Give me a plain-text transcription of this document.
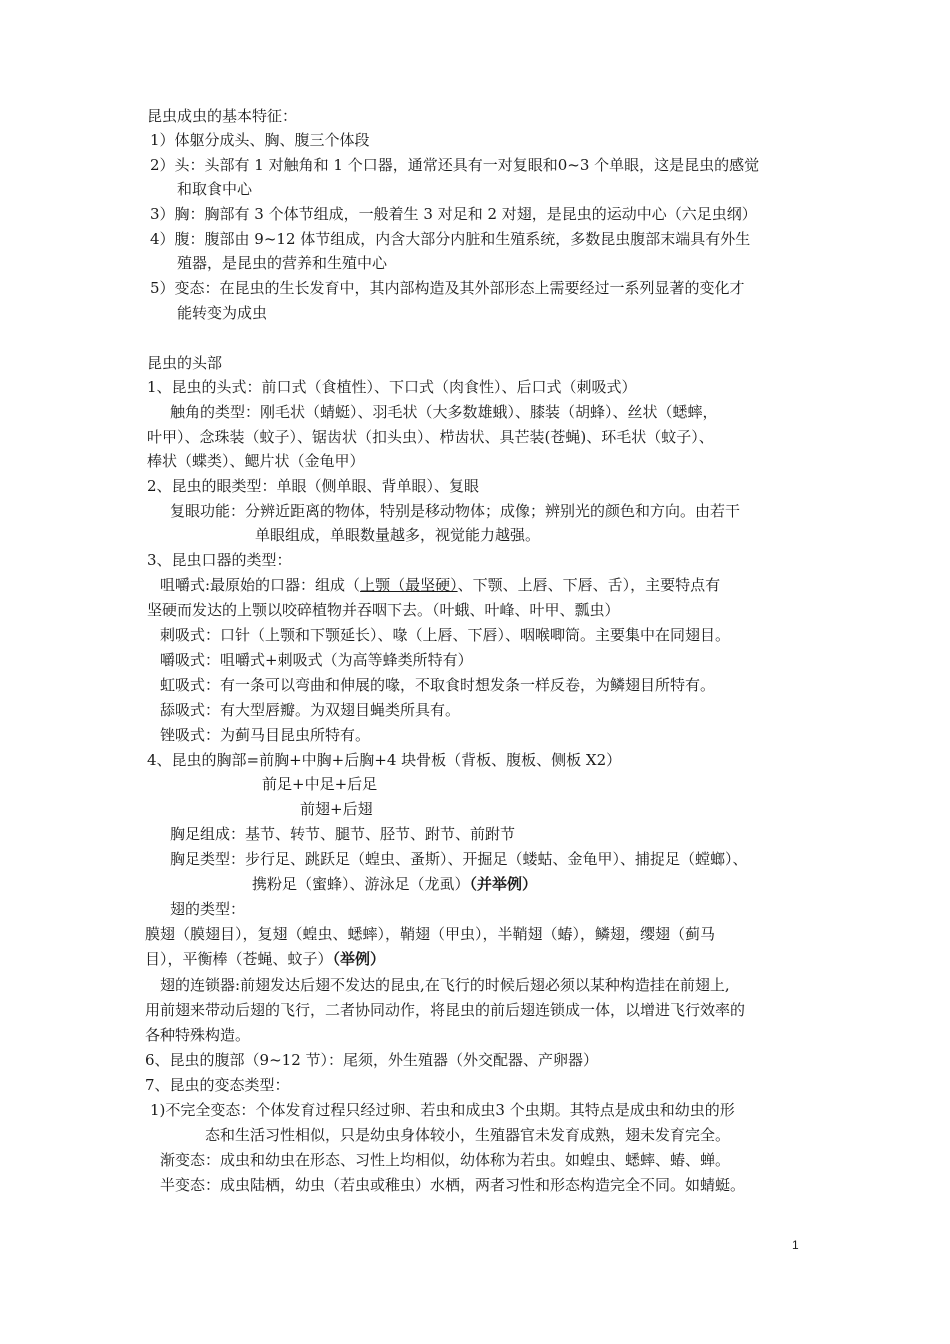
昆虫成虫的基本特征：
1）体躯分成头、胸、腹三个体段
2）头：头部有 1 对触角和 1 个口器，通常还具有一对复眼和0~3 个单眼，这是昆虫的感觉
和取食中心
3）胸：胸部有 3 个体节组成，一般着生 3 对足和 2 对翅，是昆虫的运动中心（六足虫纲）
4）腹：腹部由 9~12 体节组成，内含大部分内脏和生殖系统，多数昆虫腹部末端具有外生
殖器，是昆虫的营养和生殖中心
5）变态：在昆虫的生长发育中，其内部构造及其外部形态上需要经过一系列显著的变化才
能转变为成虫
昆虫的头部
1、昆虫的头式：前口式（食植性）、下口式（肉食性）、后口式（刺吸式）
触角的类型：刚毛状（蜻蜓）、羽毛状（大多数雄蛾）、膝装（胡蜂）、丝状（蟋蟀，
叶甲）、念珠装（蚊子）、锯齿状（扣头虫）、栉齿状、具芒装(苍蝇)、环毛状（蚊子）、
棒状（蝶类）、鳃片状（金龟甲）
2、昆虫的眼类型：单眼（侧单眼、背单眼）、复眼
复眼功能：分辨近距离的物体，特别是移动物体；成像；辨别光的颜色和方向。由若干
单眼组成，单眼数量越多，视觉能力越强。
3、昆虫口器的类型：
咀嚼式:最原始的口器：组成（上颚（最坚硬）、下颚、上唇、下唇、舌），主要特点有
坚硬而发达的上颚以咬碎植物并吞咽下去。（叶蛾、叶峰、叶甲、瓢虫）
刺吸式：口针（上颚和下颚延长）、喙（上唇、下唇）、咽喉唧筒。主要集中在同翅目。
嚼吸式：咀嚼式+刺吸式（为高等蜂类所特有）
虹吸式：有一条可以弯曲和伸展的喙，不取食时想发条一样反卷，为鳞翅目所特有。
舔吸式：有大型唇瓣。为双翅目蝇类所具有。
锉吸式：为蓟马目昆虫所特有。
4、昆虫的胸部=前胸+中胸+后胸+4 块骨板（背板、腹板、侧板 X2）
前足+中足+后足
前翅+后翅
胸足组成：基节、转节、腿节、胫节、跗节、前跗节
胸足类型：步行足、跳跃足（蝗虫、蚤斯）、开掘足（蝼蛄、金龟甲）、捕捉足（螳螂）、
携粉足（蜜蜂）、游泳足（龙虱）（并举例）
翅的类型：
膜翅（膜翅目），复翅（蝗虫、蟋蟀），鞘翅（甲虫），半鞘翅（蝽），鳞翅，缨翅（蓟马
目），平衡棒（苍蝇、蚊子）（举例）
翅的连锁器:前翅发达后翅不发达的昆虫,在飞行的时候后翅必须以某种构造挂在前翅上,
用前翅来带动后翅的飞行，二者协同动作，将昆虫的前后翅连锁成一体，以增进飞行效率的
各种特殊构造。
6、昆虫的腹部（9~12 节）：尾须，外生殖器（外交配器、产卵器）
7、昆虫的变态类型：
1)不完全变态：个体发育过程只经过卵、若虫和成虫3 个虫期。其特点是成虫和幼虫的形
态和生活习性相似，只是幼虫身体较小，生殖器官未发育成熟，翅未发育完全。
渐变态：成虫和幼虫在形态、习性上均相似，幼体称为若虫。如蝗虫、蟋蟀、蝽、蝉。
半变态：成虫陆栖，幼虫（若虫或稚虫）水栖，两者习性和形态构造完全不同。如蜻蜓。
1
